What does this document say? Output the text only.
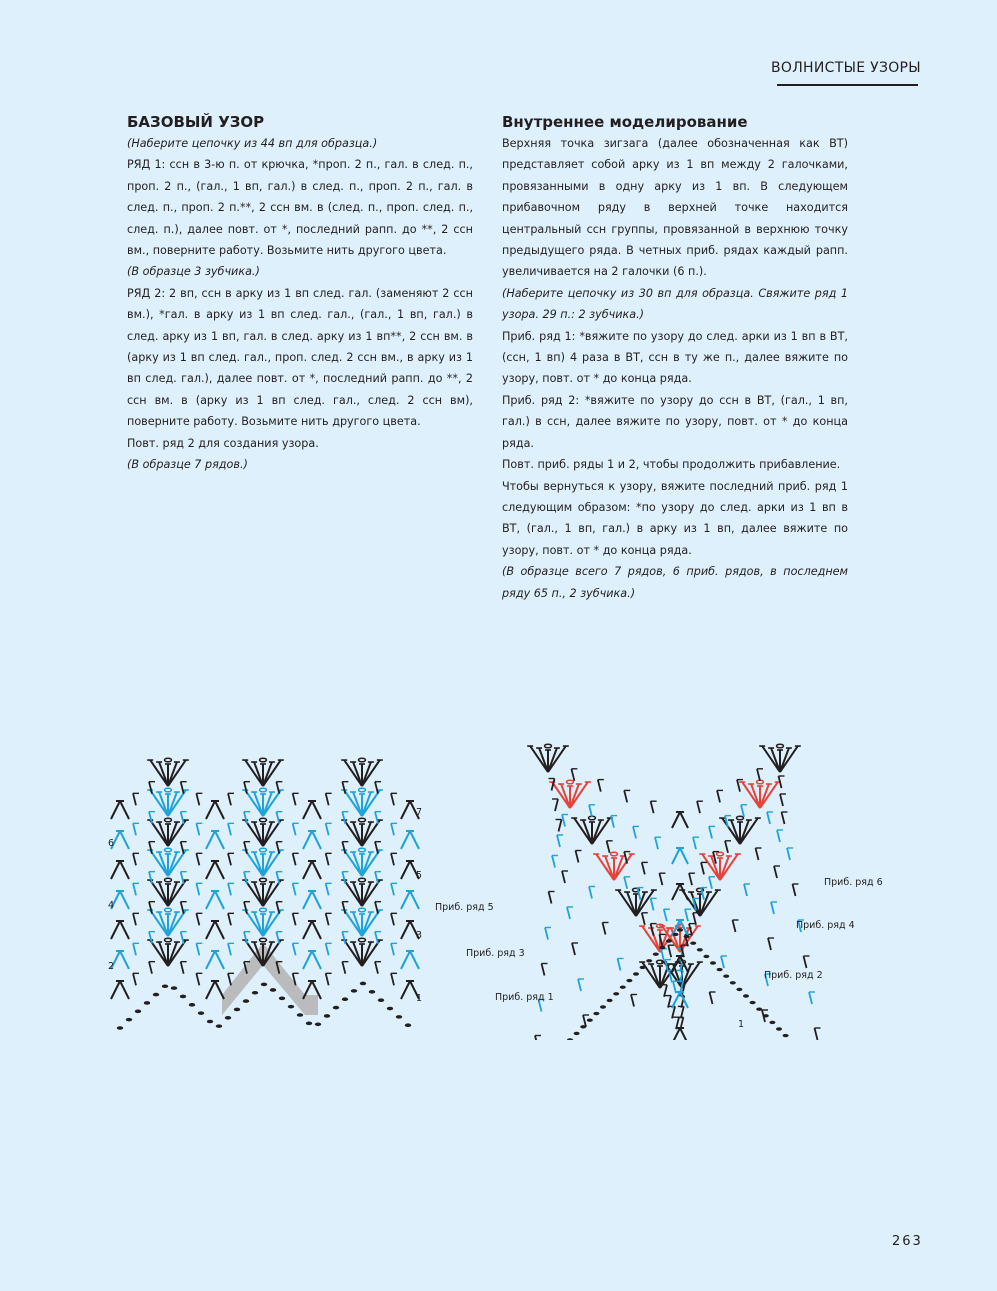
ВОЛНИСТЫЕ УЗОРЫ
БАЗОВЫЙ УЗОР

(Наберите цепочку из 44 вп для образца.)

РЯД 1: ссн в 3-ю п. от крючка, *проп. 2 п., гал. в след. п., проп. 2 п., (гал., 1 вп, гал.) в след. п., проп. 2 п., гал. в след. п., проп. 2 п.**, 2 ссн вм. в (след. п., проп. след. п., след. п.), далее повт. от *, последний рапп. до **, 2 ссн вм., поверните работу. Возьмите нить другого цвета.

(В образце 3 зубчика.)

РЯД 2: 2 вп, ссн в арку из 1 вп след. гал. (заменяют 2 ссн вм.), *гал. в арку из 1 вп след. гал., (гал., 1 вп, гал.) в след. арку из 1 вп, гал. в след. арку из 1 вп**, 2 ссн вм. в (арку из 1 вп след. гал., проп. след. 2 ссн вм., в арку из 1 вп след. гал.), далее повт. от *, последний рапп. до **, 2 ссн вм. в (арку из 1 вп след. гал., след. 2 ссн вм), поверните работу. Возьмите нить другого цвета.

Повт. ряд 2 для создания узора.

(В образце 7 рядов.)

Внутреннее моделирование

Верхняя точка зигзага (далее обозначенная как ВТ) представляет собой арку из 1 вп между 2 галочками, провязанными в одну арку из 1 вп. В следующем прибавочном ряду в верхней точке находится центральный ссн группы, провязанной в верхнюю точку предыдущего ряда. В четных приб. рядах каждый рапп. увеличивается на 2 галочки (6 п.).

(Наберите цепочку из 30 вп для образца. Свяжите ряд 1 узора. 29 п.: 2 зубчика.)

Приб. ряд 1: *вяжите по узору до след. арки из 1 вп в ВТ, (ссн, 1 вп) 4 раза в ВТ, ссн в ту же п., далее вяжите по узору, повт. от * до конца ряда.

Приб. ряд 2: *вяжите по узору до ссн в ВТ, (гал., 1 вп, гал.) в ссн, далее вяжите по узору, повт. от * до конца ряда.

Повт. приб. ряды 1 и 2, чтобы продолжить прибавление.

Чтобы вернуться к узору, вяжите последний приб. ряд 1 следующим образом: *по узору до след. арки из 1 вп в ВТ, (гал., 1 вп, гал.) в арку из 1 вп, далее вяжите по узору, повт. от * до конца ряда.

(В образце всего 7 рядов, 6 приб. рядов, в последнем ряду 65 п., 2 зубчика.)

6
4
2
7
5
3
1
Приб. ряд 6
Приб. ряд 5
Приб. ряд 4
Приб. ряд 3
Приб. ряд 2
Приб. ряд 1
1
263
